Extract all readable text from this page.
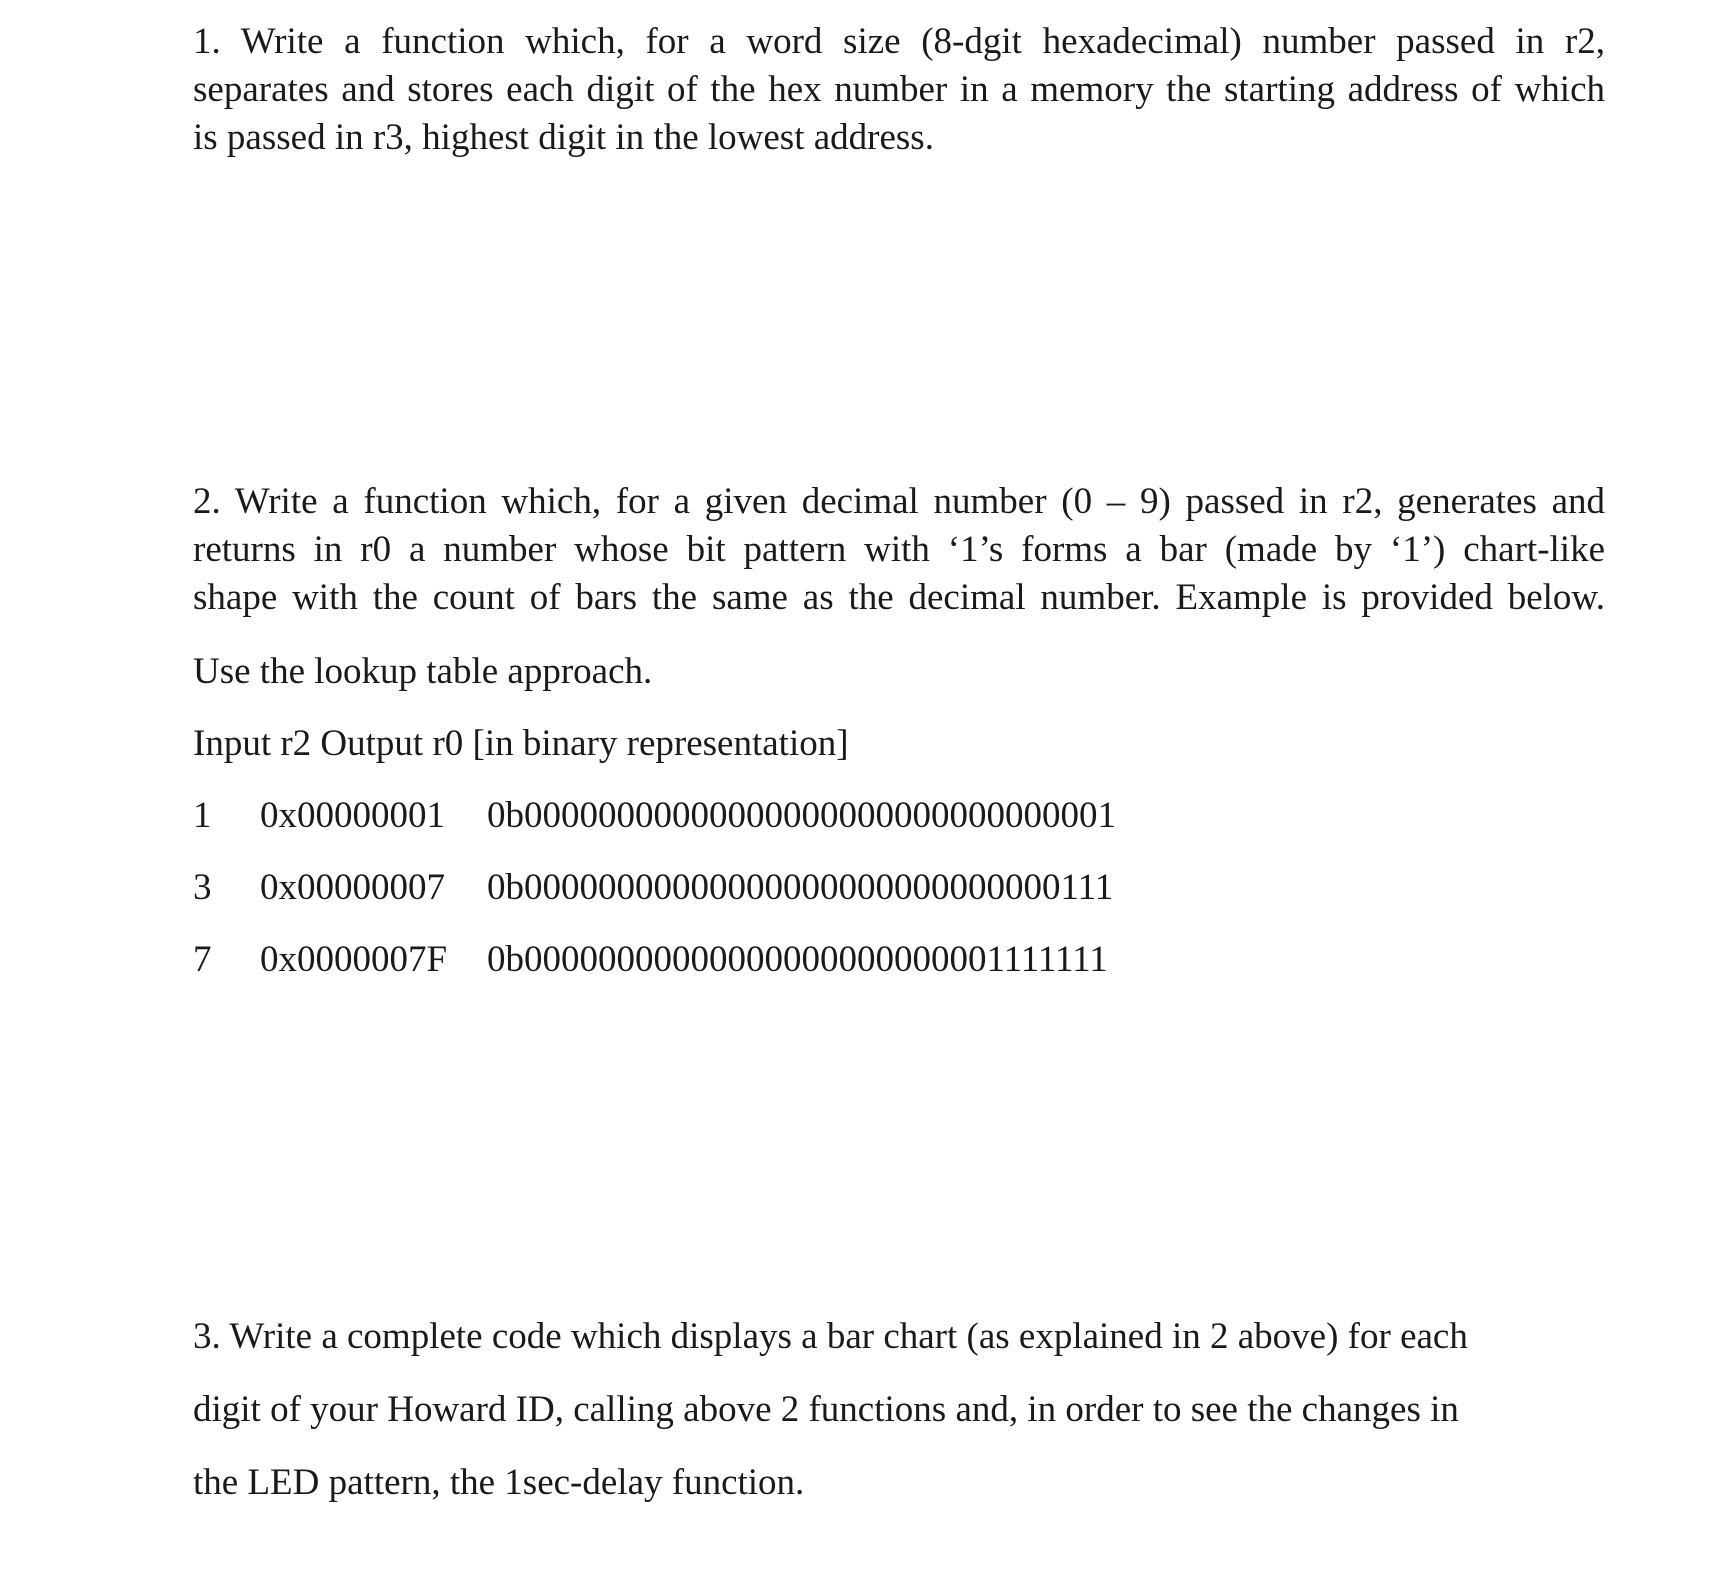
1. Write a function which, for a word size (8-dgit hexadecimal) number passed in r2,
separates and stores each digit of the hex number in a memory the starting address of which
is passed in r3, highest digit in the lowest address.

2. Write a function which, for a given decimal number (0 – 9) passed in r2, generates and
returns in r0 a number whose bit pattern with ‘1’s forms a bar (made by ‘1’) chart-like
shape with the count of bars the same as the decimal number. Example is provided below.

Use the lookup table approach.
Input r2 Output r0 [in binary representation]
1 0x00000001 0b00000000000000000000000000000001
3 0x00000007 0b00000000000000000000000000000111
7 0x0000007F 0b00000000000000000000000001111111

3. Write a complete code which displays a bar chart (as explained in 2 above) for each
digit of your Howard ID, calling above 2 functions and, in order to see the changes in
the LED pattern, the 1sec-delay function.
